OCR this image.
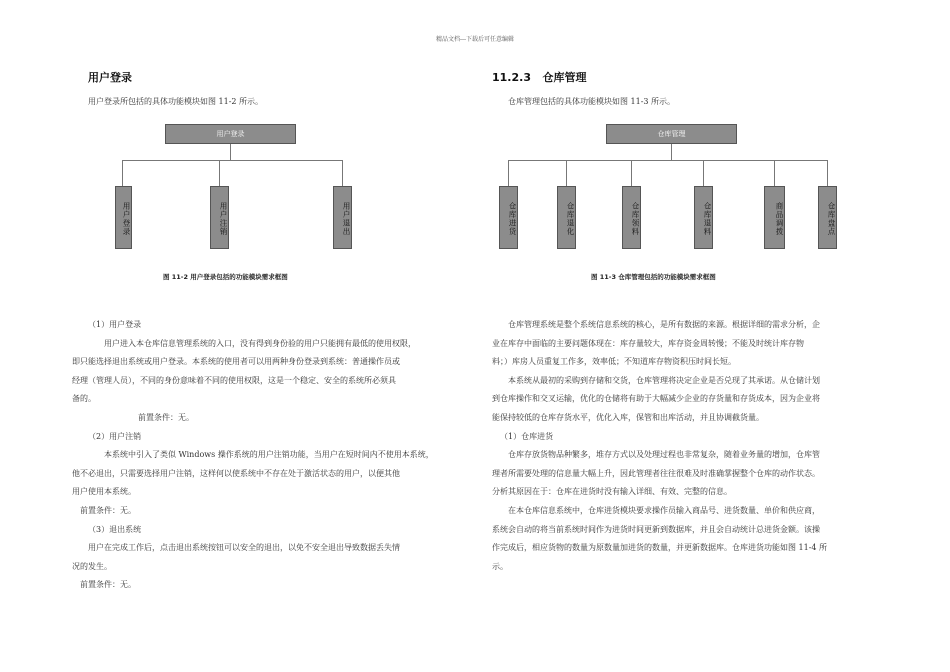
精品文档---下载后可任意编辑
用户登录
用户登录所包括的具体功能模块如图 11-2 所示。
用户登录
用户登录	用户注销	用户退出
图 11-2 用户登录包括的功能模块需求框图

（1）用户登录

用户进入本仓库信息管理系统的入口，没有得到身份验的用户只能拥有最低的使用权限，

即只能选择退出系统或用户登录。本系统的使用者可以用两种身份登录到系统：普通操作员或

经理（管理人员），不同的身份意味着不同的使用权限，这是一个稳定、安全的系统所必须具

备的。

前置条件：无。

（2）用户注销

本系统中引入了类似 Windows 操作系统的用户注销功能，当用户在短时间内不使用本系统，

他不必退出，只需要选择用户注销，这样何以使系统中不存在处于激活状态的用户，以便其他

用户使用本系统。

前置条件：无。

（3）退出系统

用户在完成工作后，点击退出系统按钮可以安全的退出，以免不安全退出导致数据丢失情

况的发生。

前置条件：无。

11.2.3 仓库管理
仓库管理包括的具体功能模块如图 11-3 所示。
仓库管理
仓库进货	仓库退化	仓库领料	仓库退料	商品调拨	仓库盘点
图 11-3 仓库管理包括的功能模块需求框图

仓库管理系统是整个系统信息系统的核心，是所有数据的来源。根据详细的需求分析，企

业在库存中面临的主要问题体现在：库存量较大，库存资金周转慢；不能及时统计库存物

料；）库房人员重复工作多，效率低；不知道库存物资积压时间长短。

本系统从最初的采购到存储和交货，仓库管理将决定企业是否兑现了其承诺。从仓储计划

到仓库操作和交叉运输，优化的仓储将有助于大幅减少企业的存货量和存货成本，因为企业将

能保持较低的仓库存货水平，优化入库，保管和出库活动，并且协调截货量。

（1）仓库进货

仓库存放货物品种繁多，堆存方式以及处理过程也非常复杂，随着业务量的增加，仓库管

理者所需要处理的信息量大幅上升，因此管理者往往很难及时准确掌握整个仓库的动作状态。

分析其原因在于：仓库在进货时没有输入详细、有效、完整的信息。

在本仓库信息系统中，仓库进货模块要求操作员输入商品号、进货数量、单价和供应商，

系统会自动的将当前系统时间作为进货时间更新到数据库，并且会自动统计总进货金额。该操

作完成后，相应货物的数量为原数量加进货的数量，并更新数据库。仓库进货功能如图 11-4 所

示。
